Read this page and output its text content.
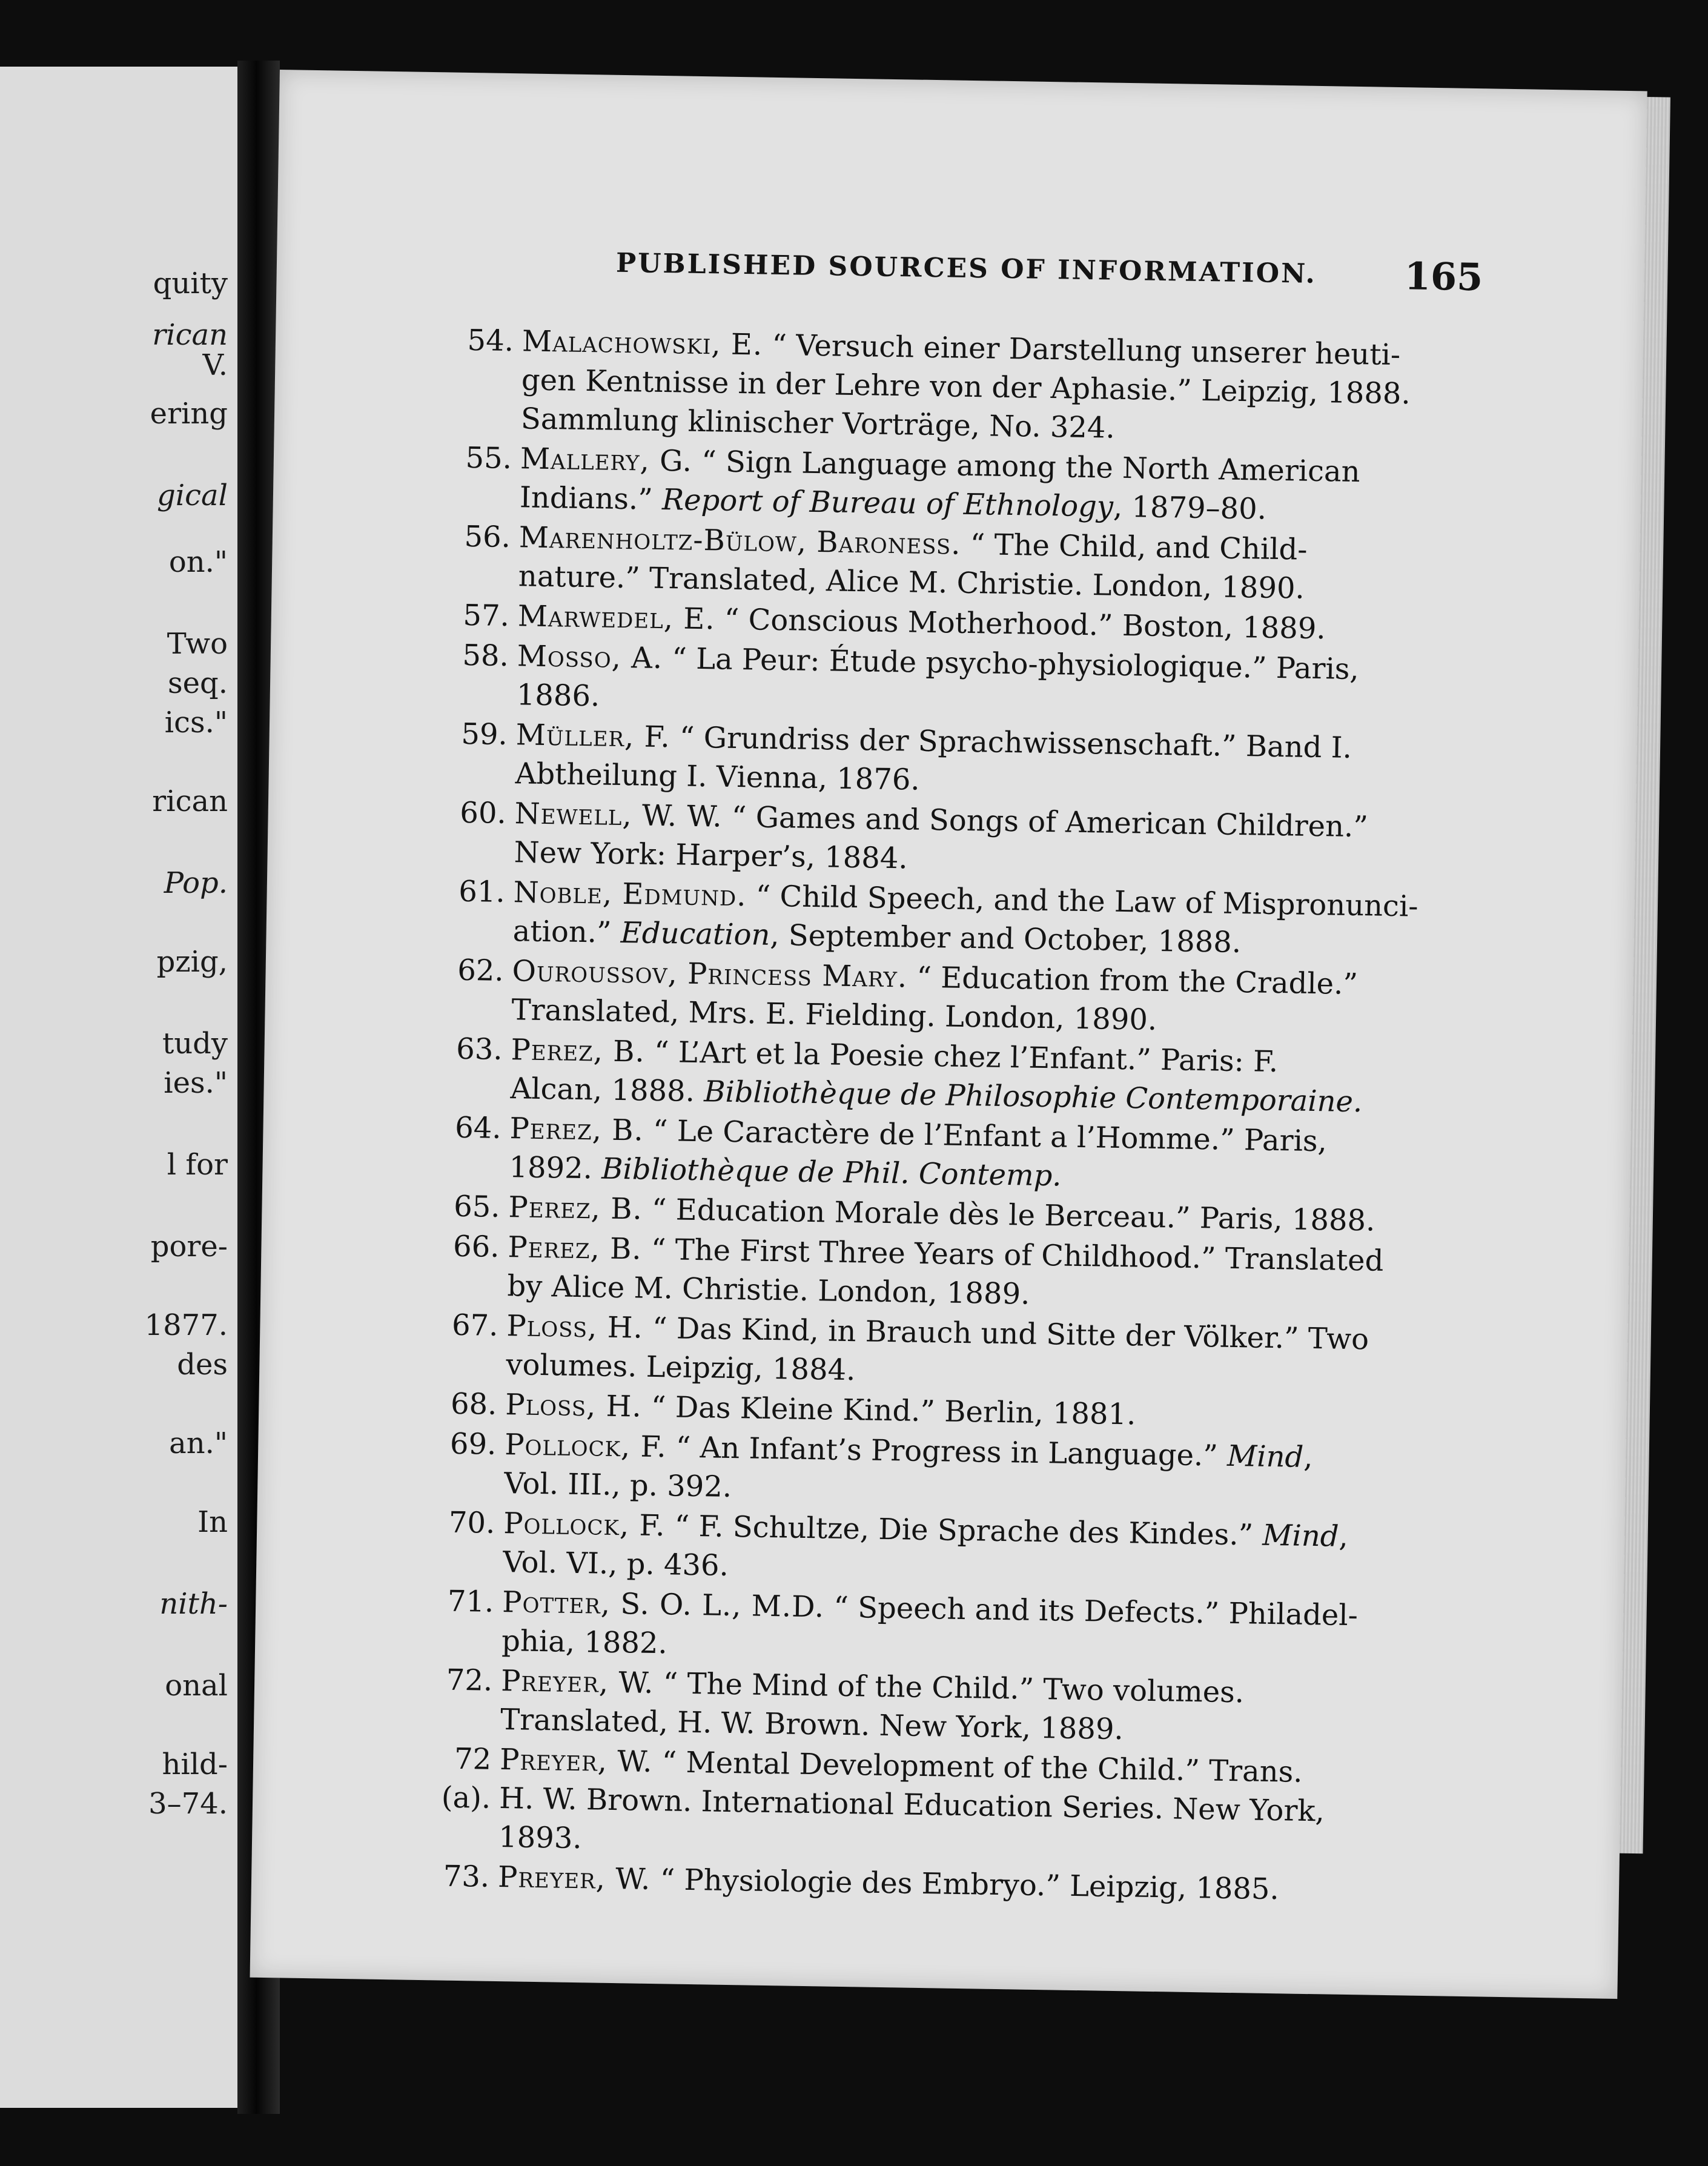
quity
rican
V.
ering
gical
on."
Two
seq.
ics."
rican
Pop.
pzig,
tudy
ies."
l for
pore-
1877.
des
an."
In
nith-
onal
hild-
3–74.
PUBLISHED SOURCES OF INFORMATION.	165
54. Malachowski, E. “ Versuch einer Darstellung unserer heuti-
gen Kentnisse in der Lehre von der Aphasie.” Leipzig, 1888.
Sammlung klinischer Vorträge, No. 324.
55. Mallery, G. “ Sign Language among the North American
Indians.” Report of Bureau of Ethnology, 1879–80.
56. Marenholtz-Bülow, Baroness. “ The Child, and Child-
nature.” Translated, Alice M. Christie. London, 1890.
57. Marwedel, E. “ Conscious Motherhood.” Boston, 1889.
58. Mosso, A. “ La Peur: Étude psycho-physiologique.” Paris,
1886.
59. Müller, F. “ Grundriss der Sprachwissenschaft.” Band I.
Abtheilung I. Vienna, 1876.
60. Newell, W. W. “ Games and Songs of American Children.”
New York: Harper’s, 1884.
61. Noble, Edmund. “ Child Speech, and the Law of Mispronunci-
ation.” Education, September and October, 1888.
62. Ouroussov, Princess Mary. “ Education from the Cradle.”
Translated, Mrs. E. Fielding. London, 1890.
63. Perez, B. “ L’Art et la Poesie chez l’Enfant.” Paris: F.
Alcan, 1888. Bibliothèque de Philosophie Contemporaine.
64. Perez, B. “ Le Caractère de l’Enfant a l’Homme.” Paris,
1892. Bibliothèque de Phil. Contemp.
65. Perez, B. “ Education Morale dès le Berceau.” Paris, 1888.
66. Perez, B. “ The First Three Years of Childhood.” Translated
by Alice M. Christie. London, 1889.
67. Ploss, H. “ Das Kind, in Brauch und Sitte der Völker.” Two
volumes. Leipzig, 1884.
68. Ploss, H. “ Das Kleine Kind.” Berlin, 1881.
69. Pollock, F. “ An Infant’s Progress in Language.” Mind,
Vol. III., p. 392.
70. Pollock, F. “ F. Schultze, Die Sprache des Kindes.” Mind,
Vol. VI., p. 436.
71. Potter, S. O. L., M.D. “ Speech and its Defects.” Philadel-
phia, 1882.
72. Preyer, W. “ The Mind of the Child.” Two volumes.
Translated, H. W. Brown. New York, 1889.
72 (a).
Preyer, W. “ Mental Development of the Child.” Trans.
H. W. Brown. International Education Series. New York,
1893.
73. Preyer, W. “ Physiologie des Embryo.” Leipzig, 1885.
